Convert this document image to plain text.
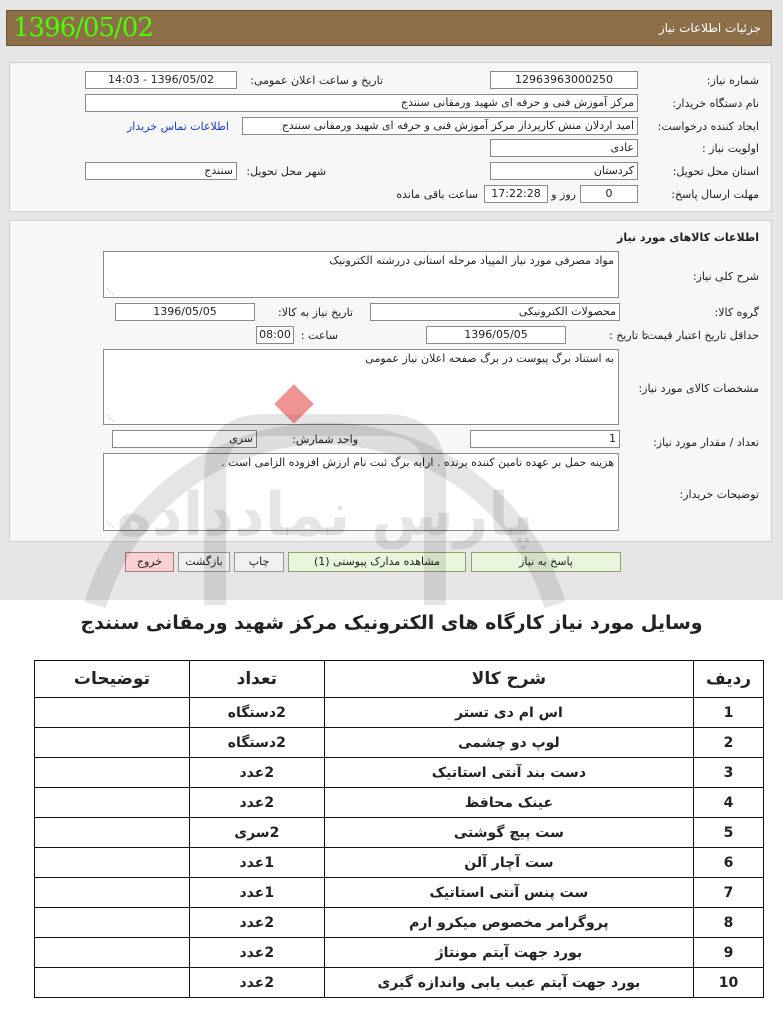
1396/05/02	جزئيات اطلاعات نياز
شماره نياز:
12963963000250
تاريخ و ساعت اعلان عمومی:
1396/05/02 - 14:03
نام دستگاه خريدار:
مرکز آموزش فنی و حرفه ای شهید ورمقانی سنندج
ايجاد کننده درخواست:
امید اردلان منش کارپرداز مرکز آموزش فنی و حرفه ای شهید ورمقانی سنندج
اطلاعات تماس خريدار
اولويت نياز :
عادی
استان محل تحويل:
کردستان
شهر محل تحويل:
سنندج
مهلت ارسال پاسخ:
0
روز و
17:22:28
ساعت باقی مانده
اطلاعات کالاهای مورد نياز
شرح کلی نياز:
مواد مصرفی مورد نیاز المپیاد مرحله استانی دررشته الکترونیک
⋰
گروه کالا:
محصولات الکترونیکی
تاريخ نياز به کالا:
1396/05/05
حداقل تاريخ اعتبار قيمت:
تا تاريخ :
1396/05/05
ساعت :
08:00
مشخصات کالای مورد نياز:
به استناد برگ پیوست در برگ صفحه اعلان نیاز عمومی
⋰
تعداد / مقدار مورد نياز:
1
واحد شمارش:
سری
توضيحات خريدار:
هزینه حمل بر عهده تامین کننده برنده . ارایه برگ ثبت نام ارزش افزوده الزامی است .
⋰
پاسخ به نياز
مشاهده مدارک پيوستی (1)
چاپ
بازگشت
خروج
وسایل مورد نیاز کارگاه های الکترونیک مرکز شهید ورمقانی سنندج
ردیف	شرح کالا	تعداد	توضیحات
1	اس ام دی تستر	2دستگاه	
2	لوپ دو چشمی	2دستگاه	
3	دست بند آنتی استاتیک	2عدد	
4	عینک محافظ	2عدد	
5	ست پیچ گوشتی	2سری	
6	ست آچار آلن	1عدد	
7	ست پنس آنتی استاتیک	1عدد	
8	پروگرامر مخصوص میکرو ارم	2عدد	
9	بورد جهت آیتم مونتاژ	2عدد	
10	بورد جهت آیتم عیب یابی واندازه گیری	2عدد	
